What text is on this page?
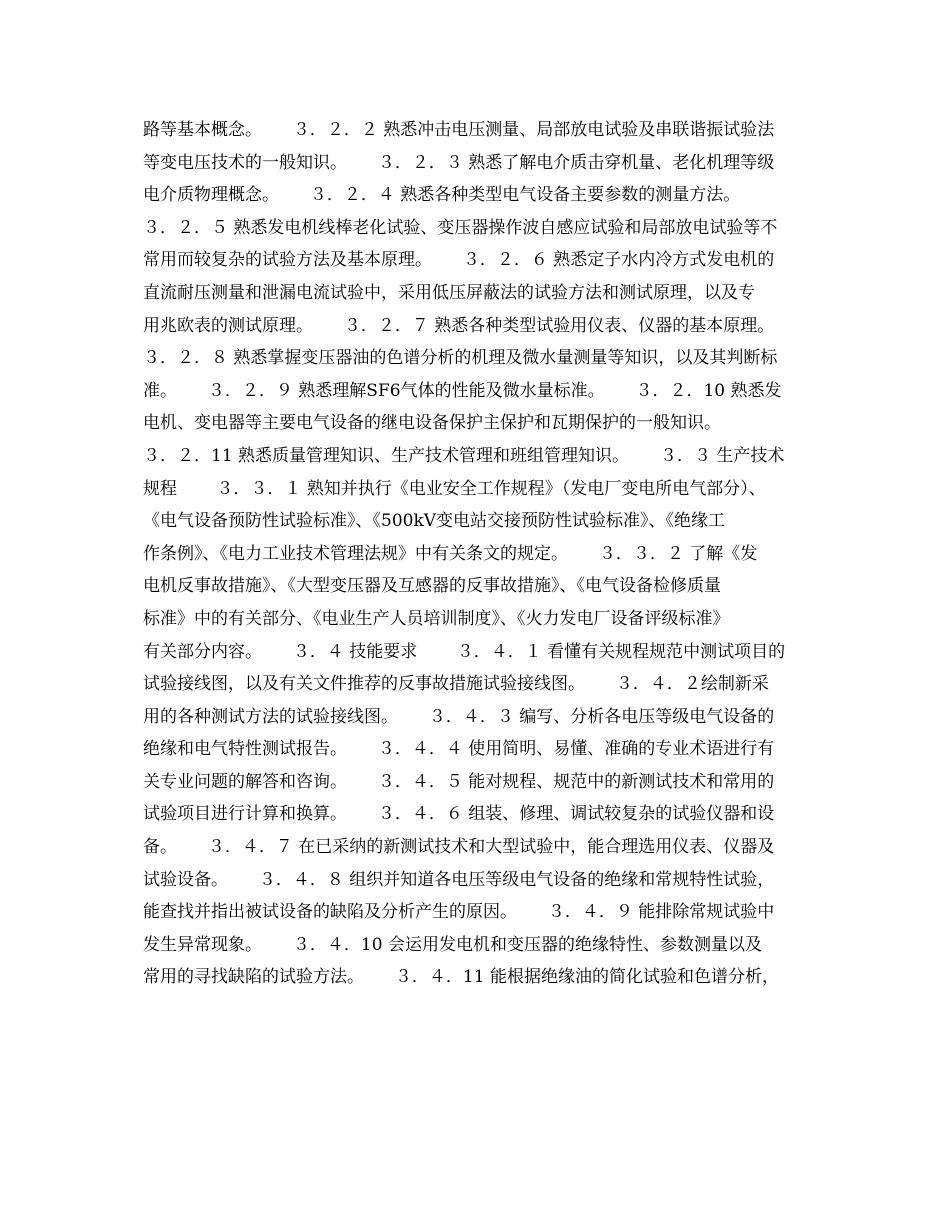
路等基本概念。　　 ３．２．２ 熟悉冲击电压测量、局部放电试验及串联谐振试验法
等变电压技术的一般知识。　　 ３．２．３ 熟悉了解电介质击穿机量、老化机理等级
电介质物理概念。　　 ３．２．４ 熟悉各种类型电气设备主要参数的测量方法。
３．２．５ 熟悉发电机线棒老化试验、变压器操作波自感应试验和局部放电试验等不
常用而较复杂的试验方法及基本原理。　　 ３．２．６ 熟悉定子水内冷方式发电机的
直流耐压测量和泄漏电流试验中，采用低压屏蔽法的试验方法和测试原理，以及专
用兆欧表的测试原理。　　 ３．２．７ 熟悉各种类型试验用仪表、仪器的基本原理。
３．２．８ 熟悉掌握变压器油的色谱分析的机理及微水量测量等知识，以及其判断标
准。　　 ３．２．９ 熟悉理解SF6气体的性能及微水量标准。　　 ３．２．10 熟悉发
电机、变电器等主要电气设备的继电设备保护主保护和瓦期保护的一般知识。
３．２．11 熟悉质量管理知识、生产技术管理和班组管理知识。　　 ３．３ 生产技术
规程　　 ３．３．１ 熟知并执行《电业安全工作规程》（发电厂变电所电气部分）、
《电气设备预防性试验标准》、《500kV变电站交接预防性试验标准》、《绝缘工
作条例》、《电力工业技术管理法规》中有关条文的规定。　　 ３．３．２ 了解《发
电机反事故措施》、《大型变压器及互感器的反事故措施》、《电气设备检修质量
标准》中的有关部分、《电业生产人员培训制度》、《火力发电厂设备评级标准》
有关部分内容。　　 ３．４ 技能要求　　 ３．４．１ 看懂有关规程规范中测试项目的
试验接线图，以及有关文件推荐的反事故措施试验接线图。　　 ３．４．２绘制新采
用的各种测试方法的试验接线图。　　 ３．４．３ 编写、分析各电压等级电气设备的
绝缘和电气特性测试报告。　　 ３．４．４ 使用简明、易懂、准确的专业术语进行有
关专业问题的解答和咨询。　　 ３．４．５ 能对规程、规范中的新测试技术和常用的
试验项目进行计算和换算。　　 ３．４．６ 组装、修理、调试较复杂的试验仪器和设
备。　　 ３．４．７ 在已采纳的新测试技术和大型试验中，能合理选用仪表、仪器及
试验设备。　　 ３．４．８ 组织并知道各电压等级电气设备的绝缘和常规特性试验，
能查找并指出被试设备的缺陷及分析产生的原因。　　 ３．４．９ 能排除常规试验中
发生异常现象。　　 ３．４．10 会运用发电机和变压器的绝缘特性、参数测量以及
常用的寻找缺陷的试验方法。　　 ３．４．11 能根据绝缘油的简化试验和色谱分析，
